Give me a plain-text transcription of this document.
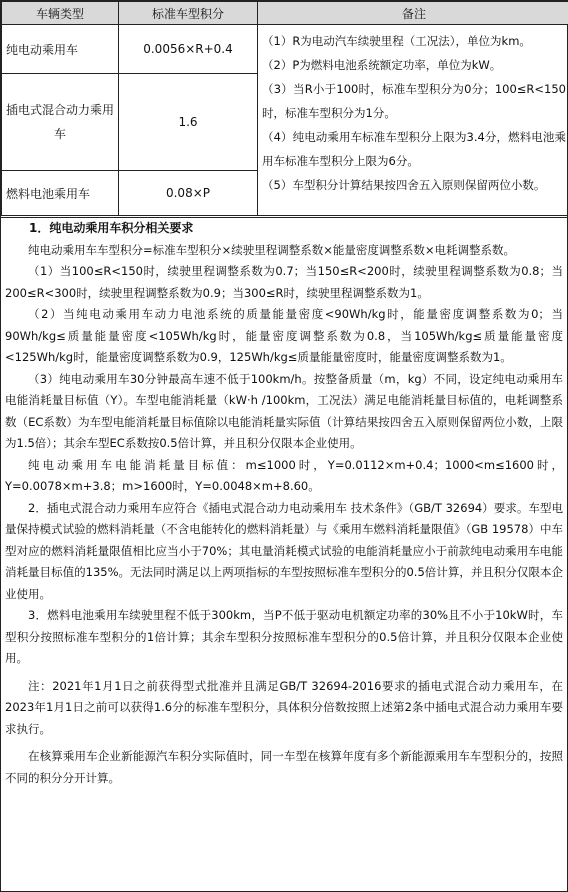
车辆类型	标准车型积分	备注
纯电动乘用车	0.0056×R+0.4	（1）R为电动汽车续驶里程（工况法），单位为km。

（2）P为燃料电池系统额定功率，单位为kW。

（3）当R小于100时，标准车型积分为0分；100≤R<150时，标准车型积分为1分。

（4）纯电动乘用车标准车型积分上限为3.4分，燃料电池乘用车标准车型积分上限为6分。

（5）车型积分计算结果按四舍五入原则保留两位小数。

插电式混合动力乘用车	1.6	
燃料电池乘用车	0.08×P	

1．纯电动乘用车积分相关要求

纯电动乘用车车型积分=标准车型积分×续驶里程调整系数×能量密度调整系数×电耗调整系数。

（1）当100≤R<150时，续驶里程调整系数为0.7；当150≤R<200时，续驶里程调整系数为0.8；当200≤R<300时，续驶里程调整系数为0.9；当300≤R时，续驶里程调整系数为1。

（2）当纯电动乘用车动力电池系统的质量能量密度<90Wh/kg时，能量密度调整系数为0；当90Wh/kg≤质量能量密度<105Wh/kg时，能量密度调整系数为0.8，当105Wh/kg≤质量能量密度<125Wh/kg时，能量密度调整系数为0.9，125Wh/kg≤质量能量密度时，能量密度调整系数为1。

（3）纯电动乘用车30分钟最高车速不低于100km/h。按整备质量（m，kg）不同，设定纯电动乘用车电能消耗量目标值（Y）。车型电能消耗量（kW·h /100km，工况法）满足电能消耗量目标值的，电耗调整系数（EC系数）为车型电能消耗量目标值除以电能消耗量实际值（计算结果按四舍五入原则保留两位小数，上限为1.5倍）；其余车型EC系数按0.5倍计算，并且积分仅限本企业使用。

纯电动乘用车电能消耗量目标值：m≤1000时，Y=0.0112×m+0.4；1000<m≤1600时，Y=0.0078×m+3.8；m>1600时，Y=0.0048×m+8.60。

2．插电式混合动力乘用车应符合《插电式混合动力电动乘用车 技术条件》（GB/T 32694）要求。车型电量保持模式试验的燃料消耗量（不含电能转化的燃料消耗量）与《乘用车燃料消耗量限值》（GB 19578）中车型对应的燃料消耗量限值相比应当小于70%；其电量消耗模式试验的电能消耗量应小于前款纯电动乘用车电能消耗量目标值的135%。无法同时满足以上两项指标的车型按照标准车型积分的0.5倍计算，并且积分仅限本企业使用。

3．燃料电池乘用车续驶里程不低于300km，当P不低于驱动电机额定功率的30%且不小于10kW时，车型积分按照标准车型积分的1倍计算；其余车型积分按照标准车型积分的0.5倍计算，并且积分仅限本企业使用。

注：2021年1月1日之前获得型式批准并且满足GB/T 32694-2016要求的插电式混合动力乘用车，在2023年1月1日之前可以获得1.6分的标准车型积分，具体积分倍数按照上述第2条中插电式混合动力乘用车要求执行。

在核算乘用车企业新能源汽车积分实际值时，同一车型在核算年度有多个新能源乘用车车型积分的，按照不同的积分分开计算。
